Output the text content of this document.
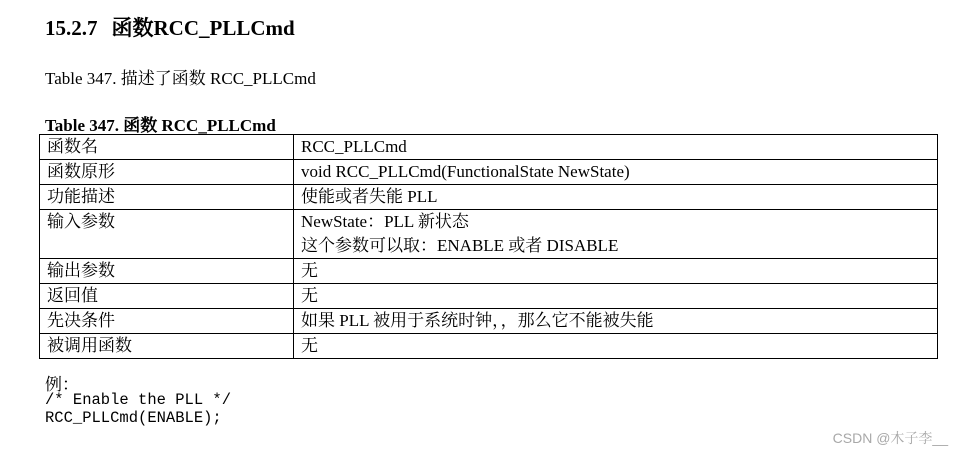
15.2.7 函数RCC_PLLCmd
Table 347. 描述了函数 RCC_PLLCmd
Table 347. 函数 RCC_PLLCmd
函数名	RCC_PLLCmd

函数原形	void RCC_PLLCmd(FunctionalState NewState)

功能描述	使能或者失能 PLL

输入参数	NewState：PLL 新状态
这个参数可以取：ENABLE 或者 DISABLE

输出参数	无

返回值	无

先决条件	如果 PLL 被用于系统时钟，，那么它不能被失能

被调用函数	无
例：
/* Enable the PLL */
RCC_PLLCmd(ENABLE);
CSDN @木子李__
